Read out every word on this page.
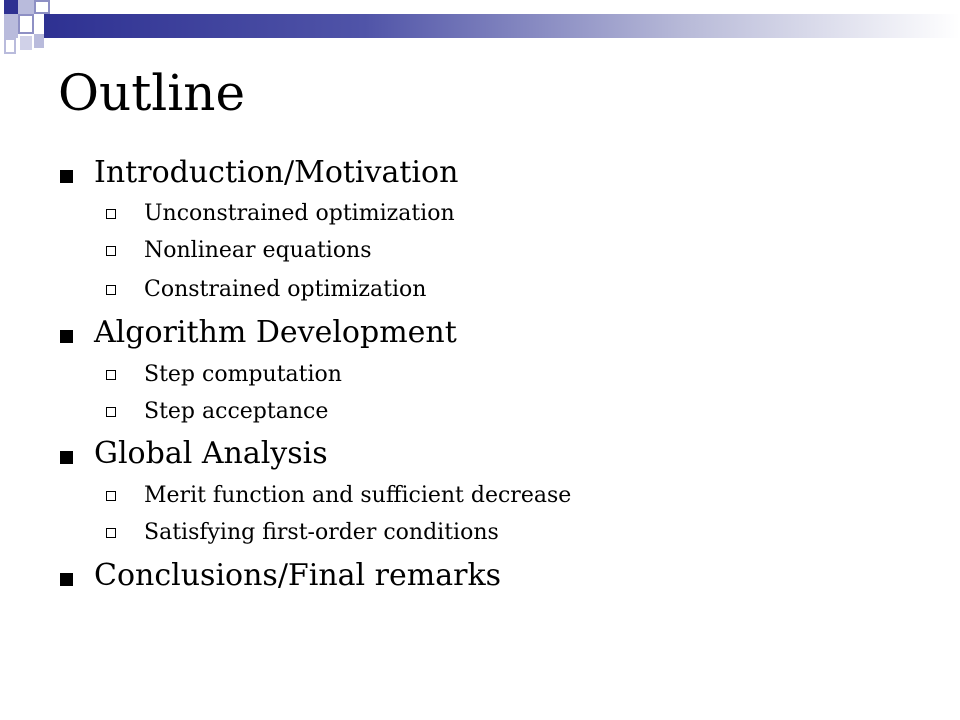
Outline
Introduction/Motivation
Unconstrained optimization
Nonlinear equations
Constrained optimization
Algorithm Development
Step computation
Step acceptance
Global Analysis
Merit function and sufficient decrease
Satisfying first-order conditions
Conclusions/Final remarks
